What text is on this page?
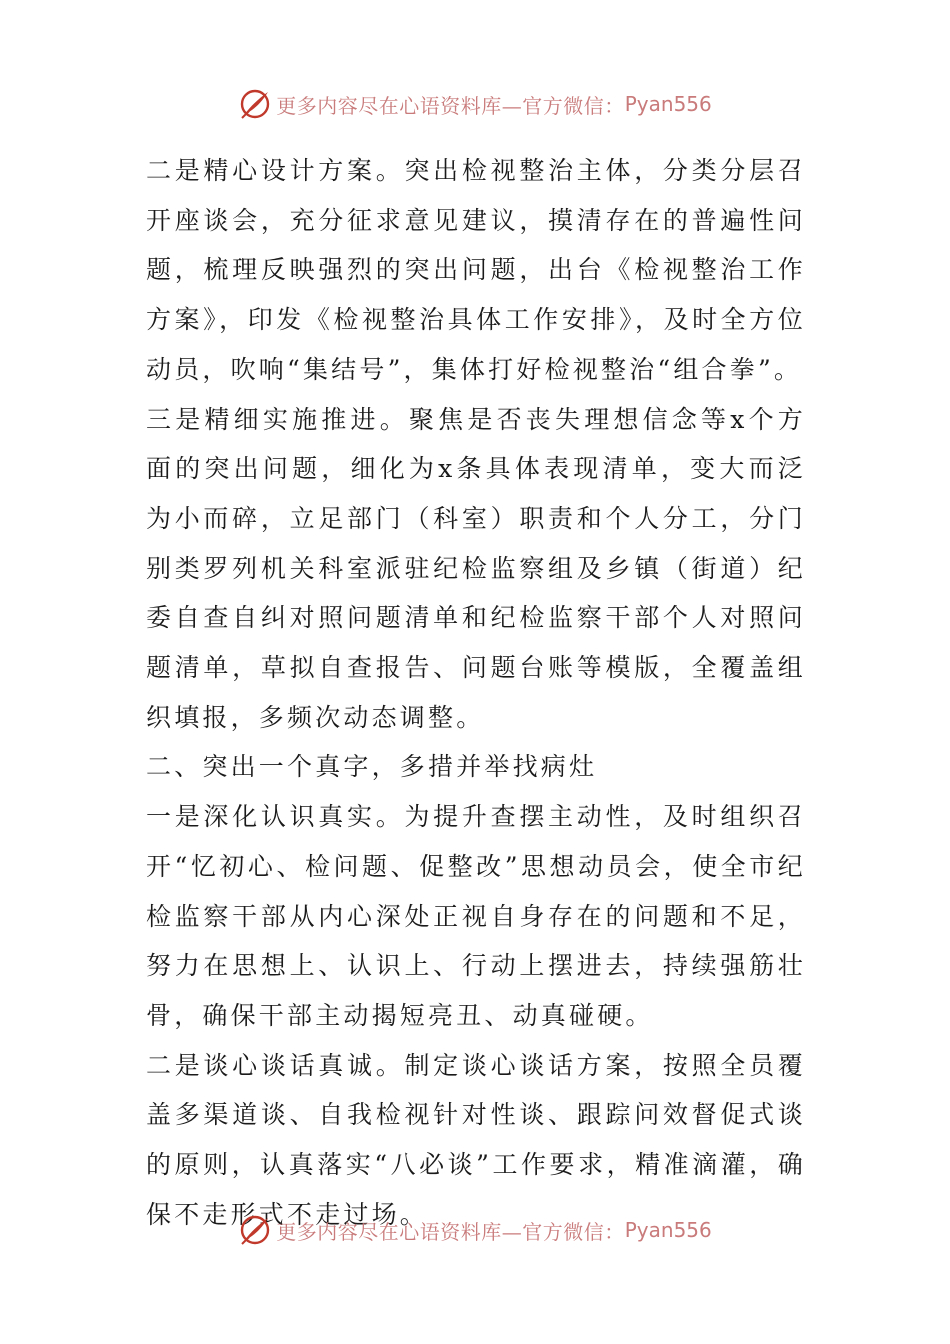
更多内容尽在心语资料库—官方微信： Pyan556

二是精心设计方案。突出检视整治主体，分类分层召开座谈会，充分征求意见建议，摸清存在的普遍性问题，梳理反映强烈的突出问题，出台《检视整治工作方案》，印发《检视整治具体工作安排》，及时全方位动员，吹响“集结号”，集体打好检视整治“组合拳”。

三是精细实施推进。聚焦是否丧失理想信念等x个方面的突出问题，细化为x条具体表现清单，变大而泛为小而碎，立足部门（科室）职责和个人分工，分门别类罗列机关科室派驻纪检监察组及乡镇（街道）纪委自查自纠对照问题清单和纪检监察干部个人对照问题清单，草拟自查报告、问题台账等模版，全覆盖组织填报，多频次动态调整。

二、突出一个真字，多措并举找病灶

一是深化认识真实。为提升查摆主动性，及时组织召开“忆初心、检问题、促整改”思想动员会，使全市纪检监察干部从内心深处正视自身存在的问题和不足，努力在思想上、认识上、行动上摆进去，持续强筋壮骨，确保干部主动揭短亮丑、动真碰硬。

二是谈心谈话真诚。制定谈心谈话方案，按照全员覆盖多渠道谈、自我检视针对性谈、跟踪问效督促式谈的原则，认真落实“八必谈”工作要求，精准滴灌，确保不走形式不走过场。

更多内容尽在心语资料库—官方微信： Pyan556
